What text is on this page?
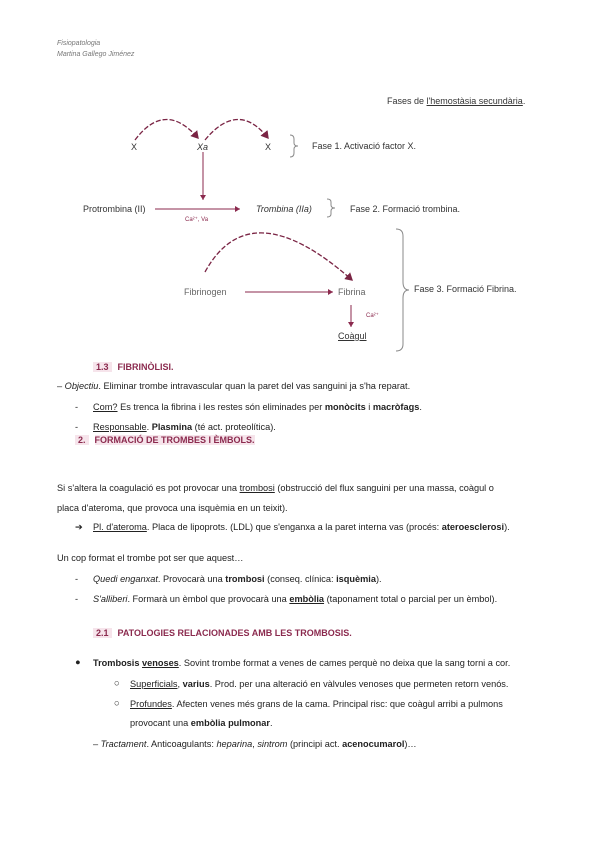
Fisiopatologia
Martina Gallego Jiménez
Fases de l'hemostàsia secundària.
X	Xa	X	Fase 1. Activació factor X.
Protrombina (II)
Ca²⁺, Va
Trombina (IIa)	Fase 2. Formació trombina.
Fibrinogen	Fibrina	Fase 3. Formació Fibrina.
Ca²⁺
Coàgul
1.3 FIBRINÒLISI.
– Objectiu. Eliminar trombe intravascular quan la paret del vas sanguini ja s'ha reparat.
- Com? Es trenca la fibrina i les restes són eliminades per monòcits i macròfags.
- Responsable. Plasmina (té act. proteolítica).
2. FORMACIÓ DE TROMBES I ÈMBOLS.
Si s'altera la coagulació es pot provocar una trombosi (obstrucció del flux sanguini per una massa, coàgul o
placa d'ateroma, que provoca una isquèmia en un teixit).
➔ Pl. d'ateroma. Placa de lipoprots. (LDL) que s'enganxa a la paret interna vas (procés: ateroesclerosi).
Un cop format el trombe pot ser que aquest…
- Quedi enganxat. Provocarà una trombosi (conseq. clínica: isquèmia).
- S'alliberi. Formarà un èmbol que provocarà una embòlia (taponament total o parcial per un èmbol).
2.1 PATOLOGIES RELACIONADES AMB LES TROMBOSIS.
● Trombosis venoses. Sovint trombe format a venes de cames perquè no deixa que la sang torni a cor.
○ Superficials, varius. Prod. per una alteració en vàlvules venoses que permeten retorn venós.
○ Profundes. Afecten venes més grans de la cama. Principal risc: que coàgul arribi a pulmons
provocant una embòlia pulmonar.
– Tractament. Anticoagulants: heparina, sintrom (principi act. acenocumarol)…
